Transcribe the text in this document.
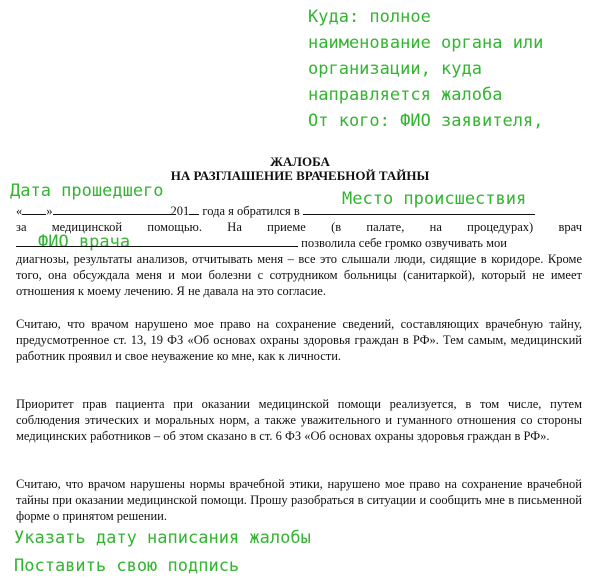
Куда: полное
наименование органа или
организации, куда
направляется жалоба
От кого: ФИО заявителя,
Дата прошедшего	Место происшествия
ФИО врача
Указать дату написания жалобы
Поставить свою подпись

ЖАЛОБА

НА РАЗГЛАШЕНИЕ ВРАЧЕБНОЙ ТАЙНЫ

« »	201 года я обратился в

за медицинской помощью. На приеме (в палате, на процедурах) врач

позволила себе громко озвучивать мои

диагнозы, результаты анализов, отчитывать меня – все это слышали люди, сидящие в коридоре. Кроме того, она обсуждала меня и мои болезни с сотрудником больницы (санитаркой), который не имеет отношения к моему лечению. Я не давала на это согласие.

Считаю, что врачом нарушено мое право на сохранение сведений, составляющих врачебную тайну, предусмотренное ст. 13, 19 ФЗ «Об основах охраны здоровья граждан в РФ». Тем самым, медицинский работник проявил и свое неуважение ко мне, как к личности.

Приоритет прав пациента при оказании медицинской помощи реализуется, в том числе, путем соблюдения этических и моральных норм, а также уважительного и гуманного отношения со стороны медицинских работников – об этом сказано в ст. 6 ФЗ «Об основах охраны здоровья граждан в РФ».

Считаю, что врачом нарушены нормы врачебной этики, нарушено мое право на сохранение врачебной тайны при оказании медицинской помощи. Прошу разобраться в ситуации и сообщить мне в письменной форме о принятом решении.
